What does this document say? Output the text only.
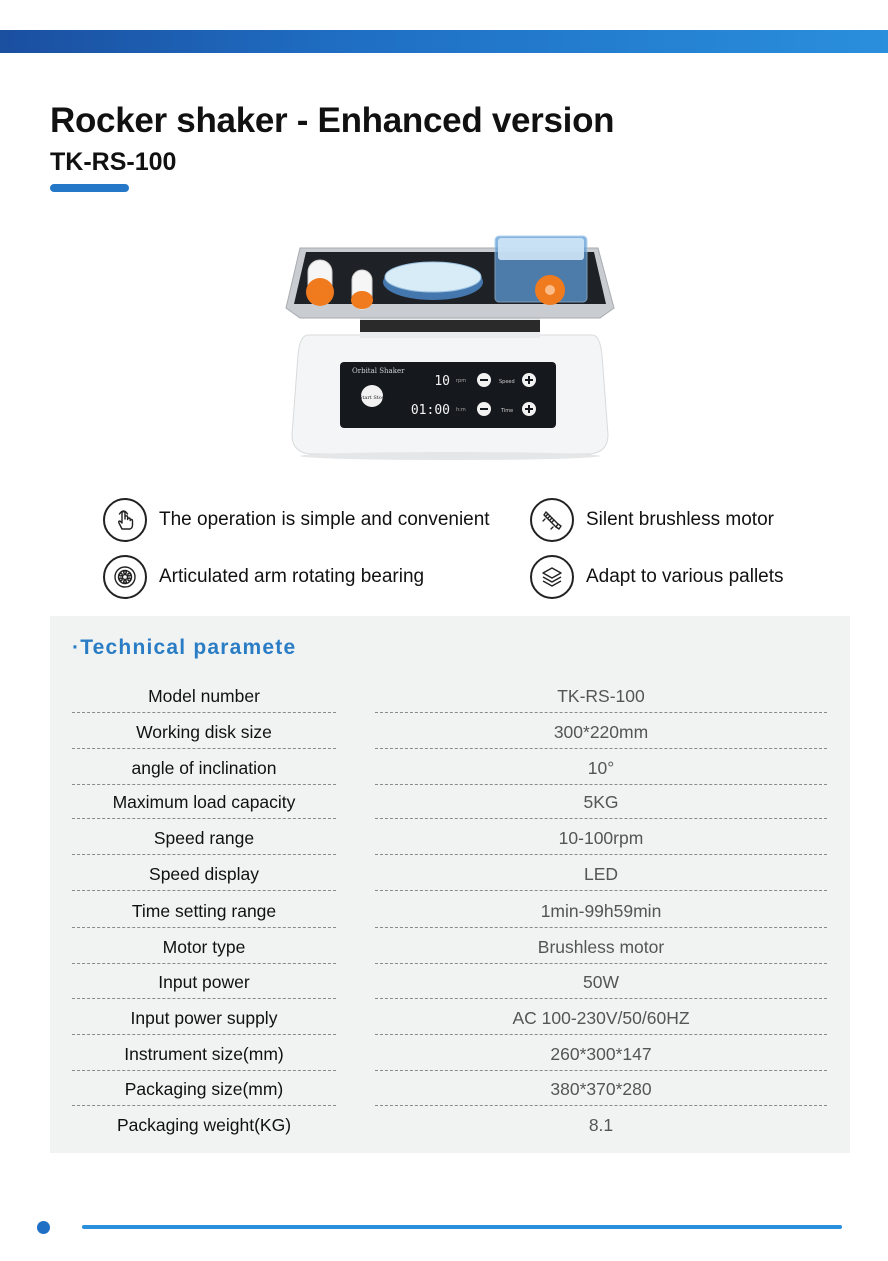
Rocker shaker - Enhanced version
TK-RS-100
Orbital Shaker
Start Stop
10 rpm	Speed
01:00 h:m	Time
The operation is simple and convenient	Silent brushless motor
Articulated arm rotating bearing	Adapt to various pallets
·Technical paramete
Model number	TK-RS-100
Working disk size	300*220mm
angle of inclination	10°
Maximum load capacity	5KG
Speed range	10-100rpm
Speed display	LED
Time setting range	1min-99h59min
Motor type	Brushless motor
Input power	50W
Input power supply	AC 100-230V/50/60HZ
Instrument size(mm)	260*300*147
Packaging size(mm)	380*370*280
Packaging weight(KG)	8.1
